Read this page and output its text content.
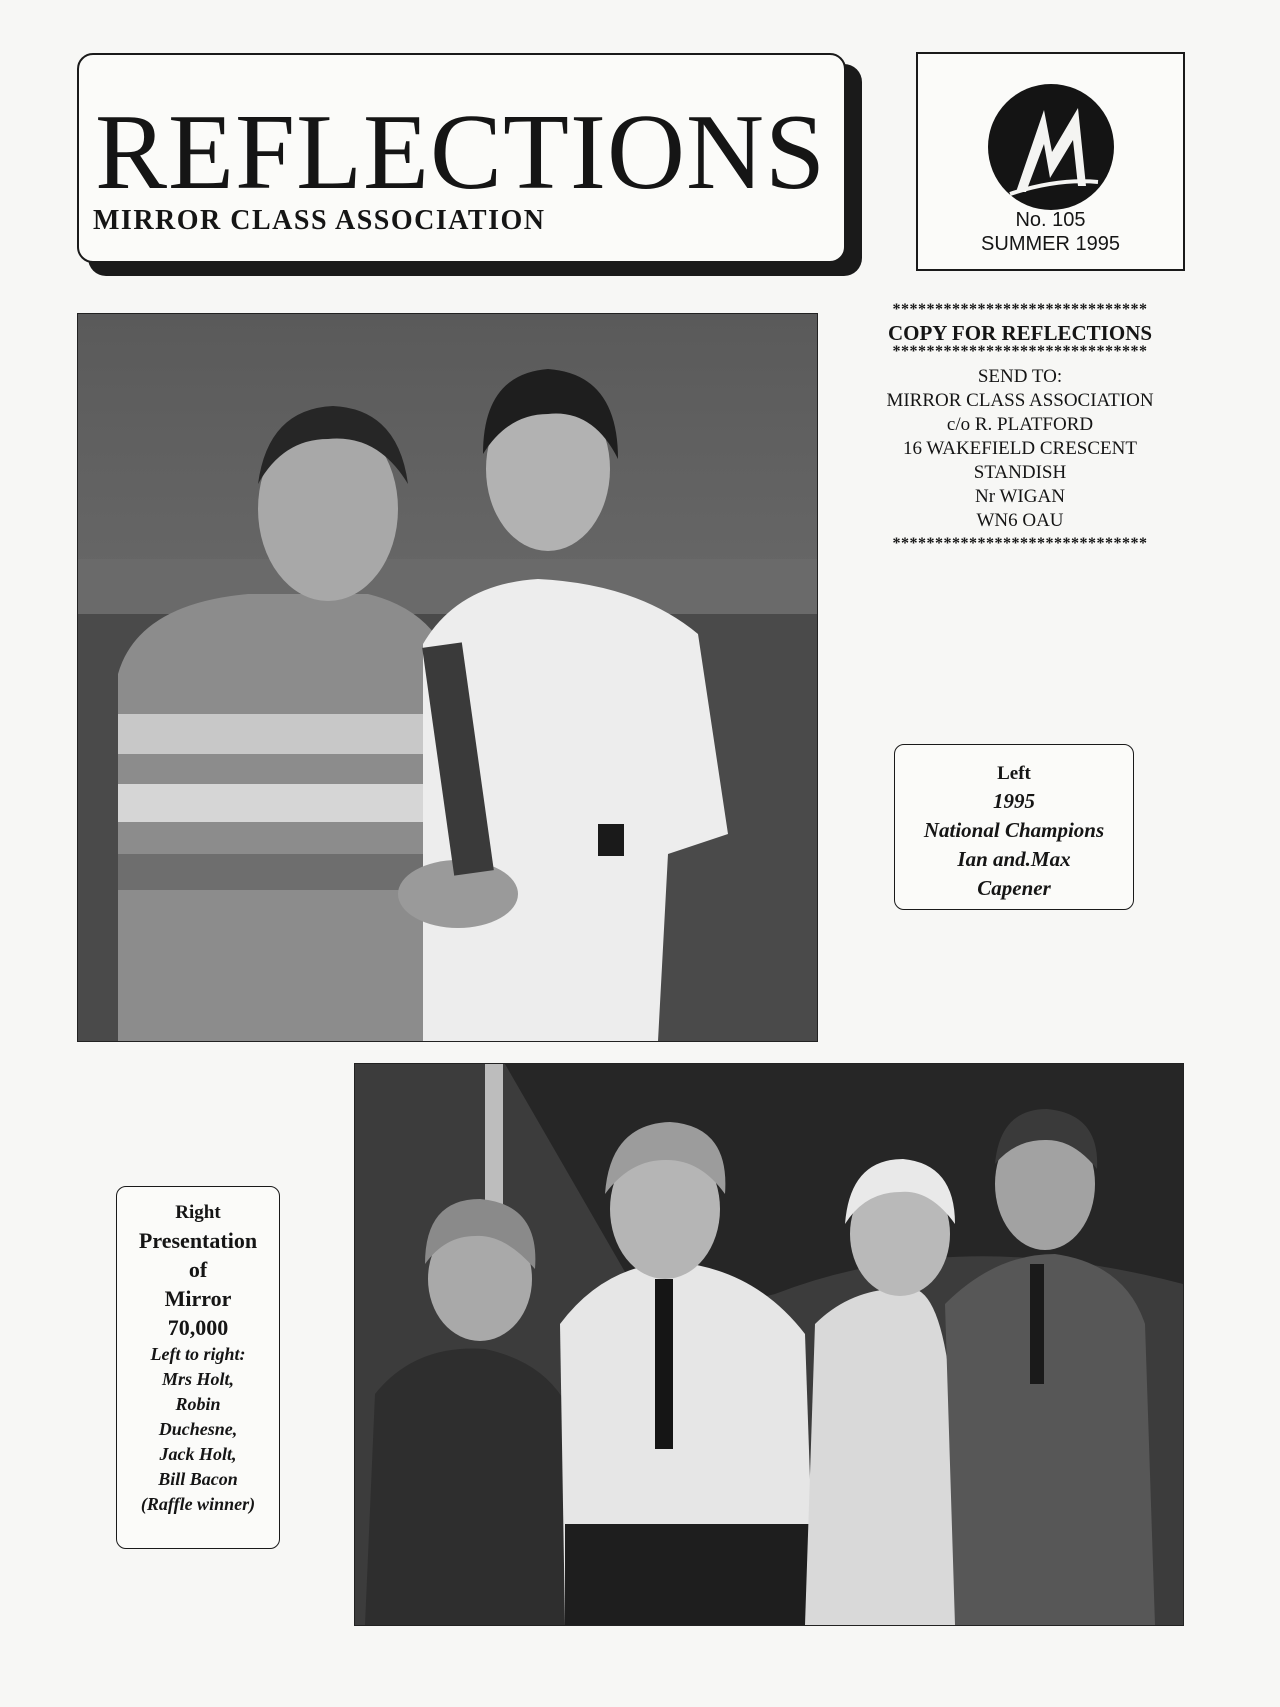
REFLECTIONS
MIRROR CLASS ASSOCIATION	No. 105
SUMMER 1995
******************************
COPY FOR REFLECTIONS
******************************
SEND TO:
MIRROR CLASS ASSOCIATION
c/o R. PLATFORD
16 WAKEFIELD CRESCENT
STANDISH
Nr WIGAN
WN6 OAU
******************************
Left
1995
National Champions
Ian and.Max
Capener
Right
Presentation
of
Mirror
70,000
Left to right:
Mrs Holt,
Robin
Duchesne,
Jack Holt,
Bill Bacon
(Raffle winner)
